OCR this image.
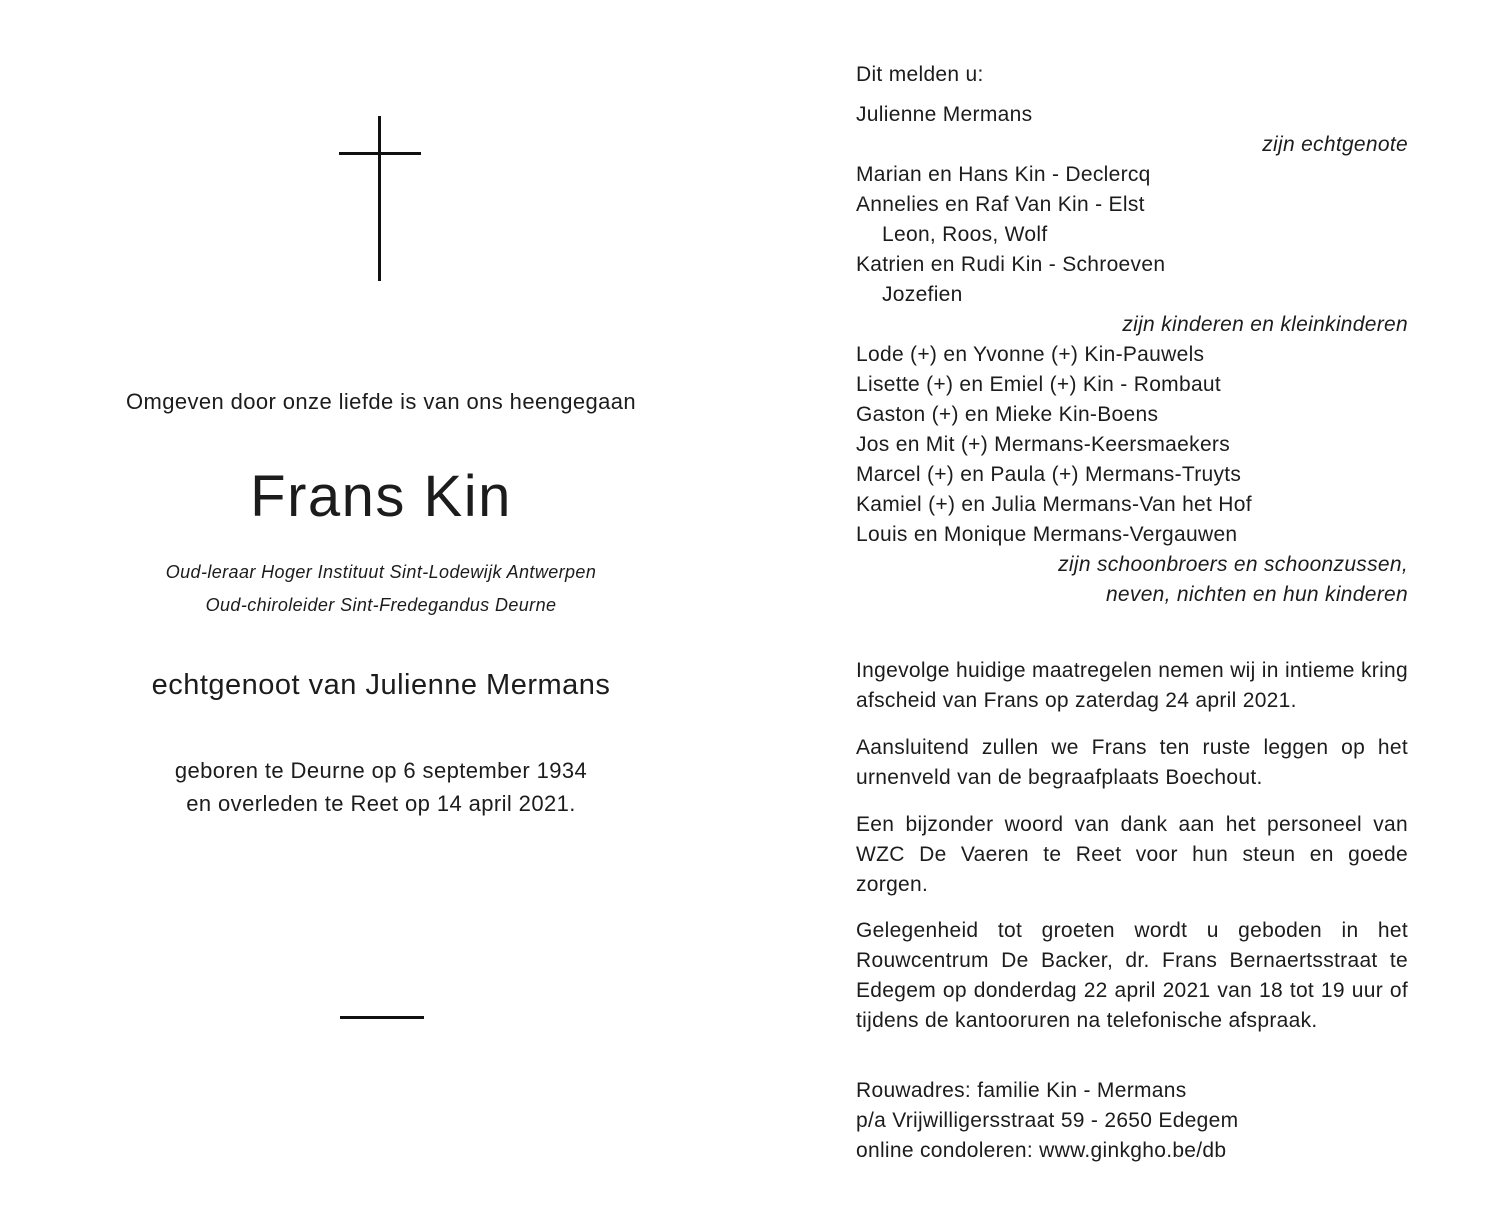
Omgeven door onze liefde is van ons heengegaan

Frans Kin

Oud-leraar Hoger Instituut Sint-Lodewijk Antwerpen

Oud-chiroleider Sint-Fredegandus Deurne

echtgenoot van Julienne Mermans

geboren te Deurne op 6 september 1934

en overleden te Reet op 14 april 2021.

Dit melden u:

Julienne Mermans

zijn echtgenote

Marian en Hans Kin - Declercq

Annelies en Raf Van Kin - Elst

Leon, Roos, Wolf

Katrien en Rudi Kin - Schroeven

Jozefien

zijn kinderen en kleinkinderen

Lode (+) en Yvonne (+) Kin-Pauwels

Lisette (+) en Emiel (+) Kin - Rombaut

Gaston (+) en Mieke Kin-Boens

Jos en Mit (+) Mermans-Keersmaekers

Marcel (+) en Paula (+) Mermans-Truyts

Kamiel (+) en Julia Mermans-Van het Hof

Louis en Monique Mermans-Vergauwen

zijn schoonbroers en schoonzussen,

neven, nichten en hun kinderen

Ingevolge huidige maatregelen nemen wij in intieme kring afscheid van Frans op zaterdag 24 april 2021.

Aansluitend zullen we Frans ten ruste leggen op het urnenveld van de begraafplaats Boechout.

Een bijzonder woord van dank aan het personeel van WZC De Vaeren te Reet voor hun steun en goede zorgen.

Gelegenheid tot groeten wordt u geboden in het Rouwcentrum De Backer, dr. Frans Bernaertsstraat te Edegem op donderdag 22 april 2021 van 18 tot 19 uur of tijdens de kantooruren na telefonische afspraak.

Rouwadres: familie Kin - Mermans

p/a Vrijwilligersstraat 59 - 2650 Edegem

online condoleren: www.ginkgho.be/db
